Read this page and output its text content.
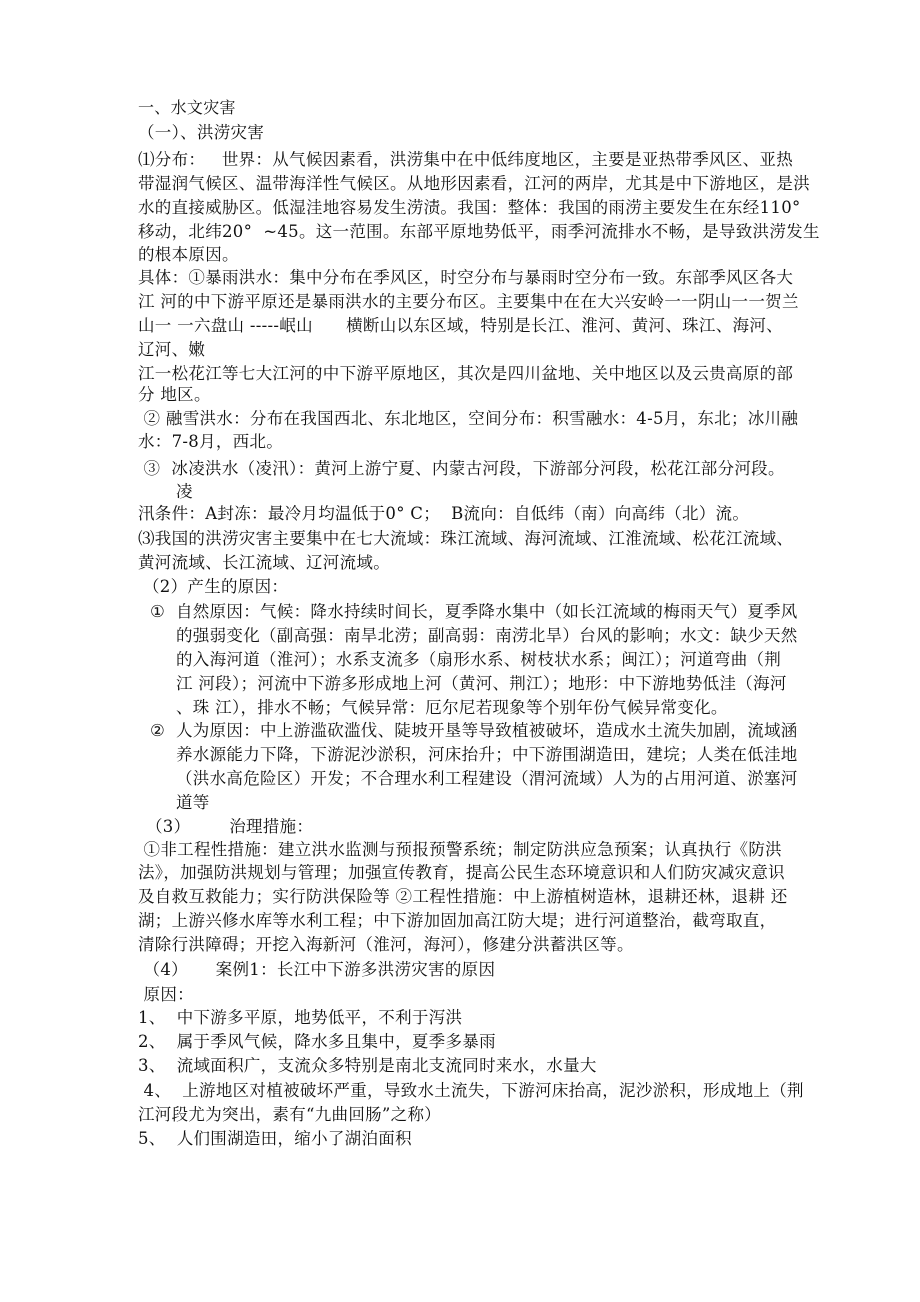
一、水文灾害
（一）、洪涝灾害
⑴分布：   世界：从气候因素看，洪涝集中在中低纬度地区，主要是亚热带季风区、亚热
带湿润气候区、温带海洋性气候区。从地形因素看，江河的两岸，尤其是中下游地区，是洪
水的直接威胁区。低湿洼地容易发生涝渍。我国：整体：我国的雨涝主要发生在东经110°
移动，北纬20°  ~45。这一范围。东部平原地势低平，雨季河流排水不畅，是导致洪涝发生
的根本原因。
具体：①暴雨洪水：集中分布在季风区，时空分布与暴雨时空分布一致。东部季风区各大
江 河的中下游平原还是暴雨洪水的主要分布区。主要集中在在大兴安岭一一阴山一一贺兰
山一 一六盘山 -----岷山      横断山以东区域，特别是长江、淮河、黄河、珠江、海河、
辽河、嫩
江一松花江等七大江河的中下游平原地区，其次是四川盆地、关中地区以及云贵高原的部
分 地区。
② 融雪洪水：分布在我国西北、东北地区，空间分布：积雪融水：4-5月，东北；冰川融
水：7-8月，西北。
③  冰凌洪水（凌汛）：黄河上游宁夏、内蒙古河段，下游部分河段，松花江部分河段。
凌
汛条件：A封冻：最冷月均温低于0° C；  B流向：自低纬（南）向高纬（北）流。
⑶我国的洪涝灾害主要集中在七大流域：珠江流域、海河流域、江淮流域、松花江流域、
黄河流域、长江流域、辽河流域。
（2）产生的原因：
① 自然原因：气候：降水持续时间长，夏季降水集中（如长江流域的梅雨天气）夏季风
的强弱变化（副高强：南旱北涝；副高弱：南涝北旱）台风的影响；水文：缺少天然
的入海河道（淮河）；水系支流多（扇形水系、树枝状水系；闽江）；河道弯曲（荆
江 河段）；河流中下游多形成地上河（黄河、荆江）；地形：中下游地势低洼（海河
、珠 江），排水不畅；气候异常：厄尔尼若现象等个别年份气候异常变化。
② 人为原因：中上游滥砍滥伐、陡坡开垦等导致植被破坏，造成水土流失加剧，流域涵
养水源能力下降，下游泥沙淤积，河床抬升；中下游围湖造田，建垸；人类在低洼地
（洪水高危险区）开发；不合理水利工程建设（渭河流域）人为的占用河道、淤塞河
道等
（3）       治理措施：
①非工程性措施：建立洪水监测与预报预警系统；制定防洪应急预案；认真执行《防洪
法》，加强防洪规划与管理；加强宣传教育，提高公民生态环境意识和人们防灾减灾意识
及自救互救能力；实行防洪保险等 ②工程性措施：中上游植树造林，退耕还林，退耕 还
湖；上游兴修水库等水利工程；中下游加固加高江防大堤；进行河道整治，截弯取直，
清除行洪障碍；开挖入海新河（淮河，海河），修建分洪蓄洪区等。
（4）     案例1：长江中下游多洪涝灾害的原因
原因：
1、  中下游多平原，地势低平，不利于泻洪
2、  属于季风气候，降水多且集中，夏季多暴雨
3、  流域面积广，支流众多特别是南北支流同时来水，水量大
4、  上游地区对植被破坏严重，导致水土流失，下游河床抬高，泥沙淤积，形成地上（荆
江河段尤为突出，素有“九曲回肠”之称）
5、  人们围湖造田，缩小了湖泊面积
